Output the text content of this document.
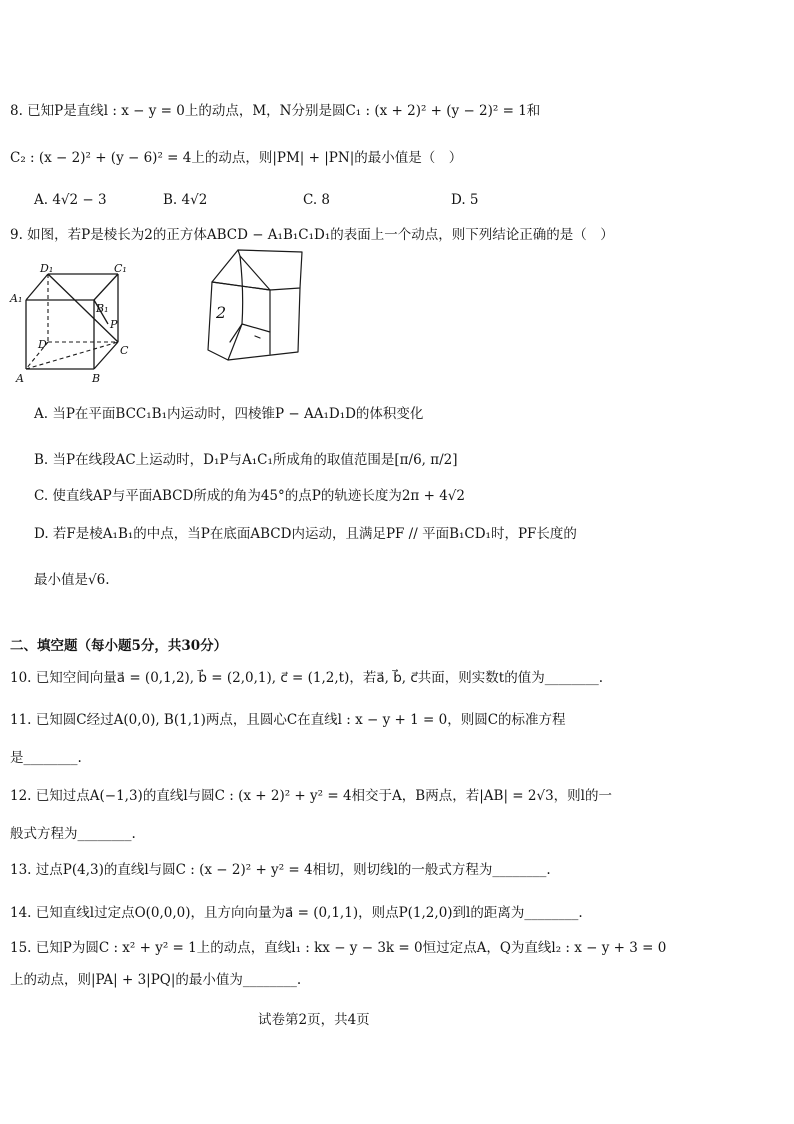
8. 已知P是直线l : x − y = 0上的动点，M，N分别是圆C₁ : (x + 2)² + (y − 2)² = 1和
C₂ : (x − 2)² + (y − 6)² = 4上的动点，则|PM| + |PN|的最小值是（　）
A. 4√2 − 3	B. 4√2	C. 8	D. 5
9. 如图，若P是棱长为2的正方体ABCD − A₁B₁C₁D₁的表面上一个动点，则下列结论正确的是（　）
D₁	C₁
A₁
B₁
P
D	C
A	B
2
A. 当P在平面BCC₁B₁内运动时，四棱锥P − AA₁D₁D的体积变化
B. 当P在线段AC上运动时，D₁P与A₁C₁所成角的取值范围是[π/6, π/2]
C. 使直线AP与平面ABCD所成的角为45°的点P的轨迹长度为2π + 4√2
D. 若F是棱A₁B₁的中点，当P在底面ABCD内运动，且满足PF // 平面B₁CD₁时，PF长度的
最小值是√6.
二、填空题（每小题5分，共30分）
10. 已知空间向量a⃗ = (0,1,2), b⃗ = (2,0,1), c⃗ = (1,2,t)，若a⃗, b⃗, c⃗共面，则实数t的值为________.
11. 已知圆C经过A(0,0), B(1,1)两点，且圆心C在直线l : x − y + 1 = 0，则圆C的标准方程
是________.
12. 已知过点A(−1,3)的直线l与圆C : (x + 2)² + y² = 4相交于A，B两点，若|AB| = 2√3，则l的一
般式方程为________.
13. 过点P(4,3)的直线l与圆C : (x − 2)² + y² = 4相切，则切线l的一般式方程为________.
14. 已知直线l过定点O(0,0,0)，且方向向量为a⃗ = (0,1,1)，则点P(1,2,0)到l的距离为________.
15. 已知P为圆C : x² + y² = 1上的动点，直线l₁ : kx − y − 3k = 0恒过定点A，Q为直线l₂ : x − y + 3 = 0
上的动点，则|PA| + 3|PQ|的最小值为________.
试卷第2页，共4页
